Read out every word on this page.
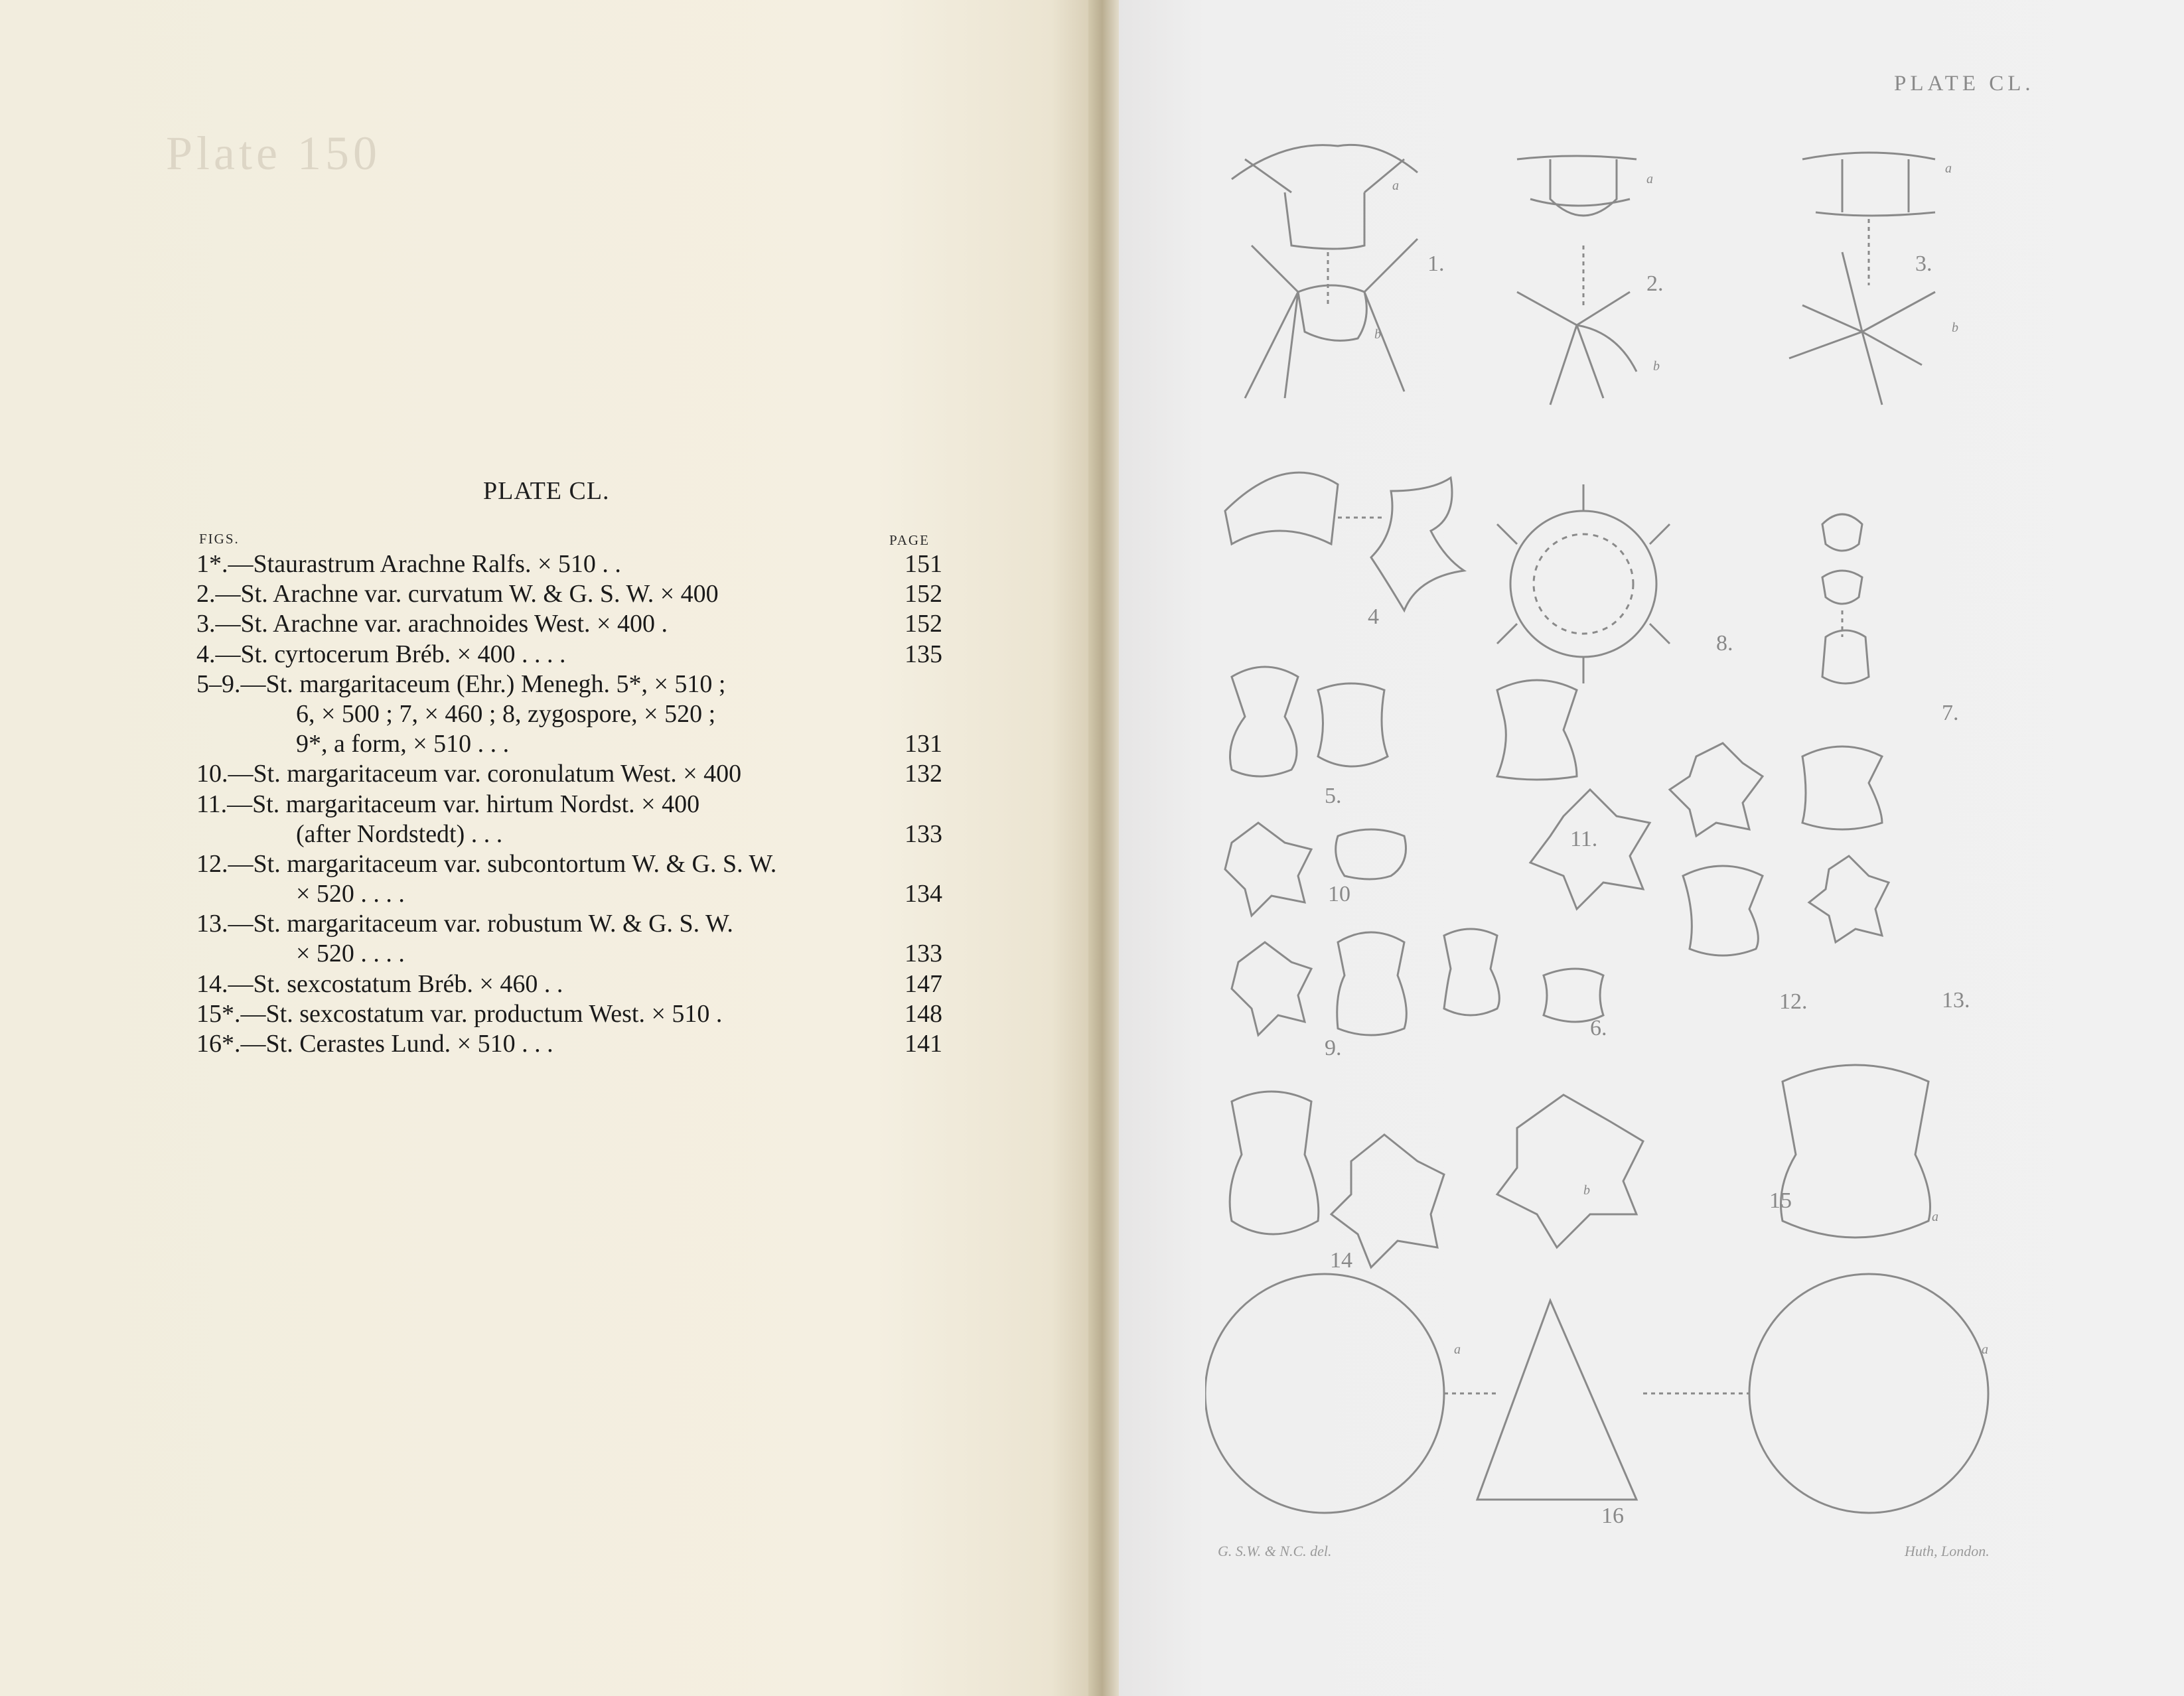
Plate 150
PLATE CL.
FIGS.	PAGE
1*.—Staurastrum Arachne Ralfs. × 510 . .	151
2.—St. Arachne var. curvatum W. & G. S. W. × 400	152
3.—St. Arachne var. arachnoides West. × 400 .	152
4.—St. cyrtocerum Bréb. × 400 . . . .	135
5–9.—St. margaritaceum (Ehr.) Menegh. 5*, × 510 ;
6, × 500 ; 7, × 460 ; 8, zygospore, × 520 ;
9*, a form, × 510 . . .	131
10.—St. margaritaceum var. coronulatum West. × 400	132
11.—St. margaritaceum var. hirtum Nordst. × 400
(after Nordstedt) . . .	133
12.—St. margaritaceum var. subcontortum W. & G. S. W.
× 520 . . . .	134
13.—St. margaritaceum var. robustum W. & G. S. W.
× 520 . . . .	133
14.—St. sexcostatum Bréb. × 460 . .	147
15*.—St. sexcostatum var. productum West. × 510 .	148
16*.—St. Cerastes Lund. × 510 . . .	141
PLATE CL.
G. S.W. & N.C. del.	Huth, London.
1.
2.
3.
4
5.
6.
7.
8.
9.
10
11.
12.	13.
14
15
16
a
b
a
b
a
b
a
b
a	a
